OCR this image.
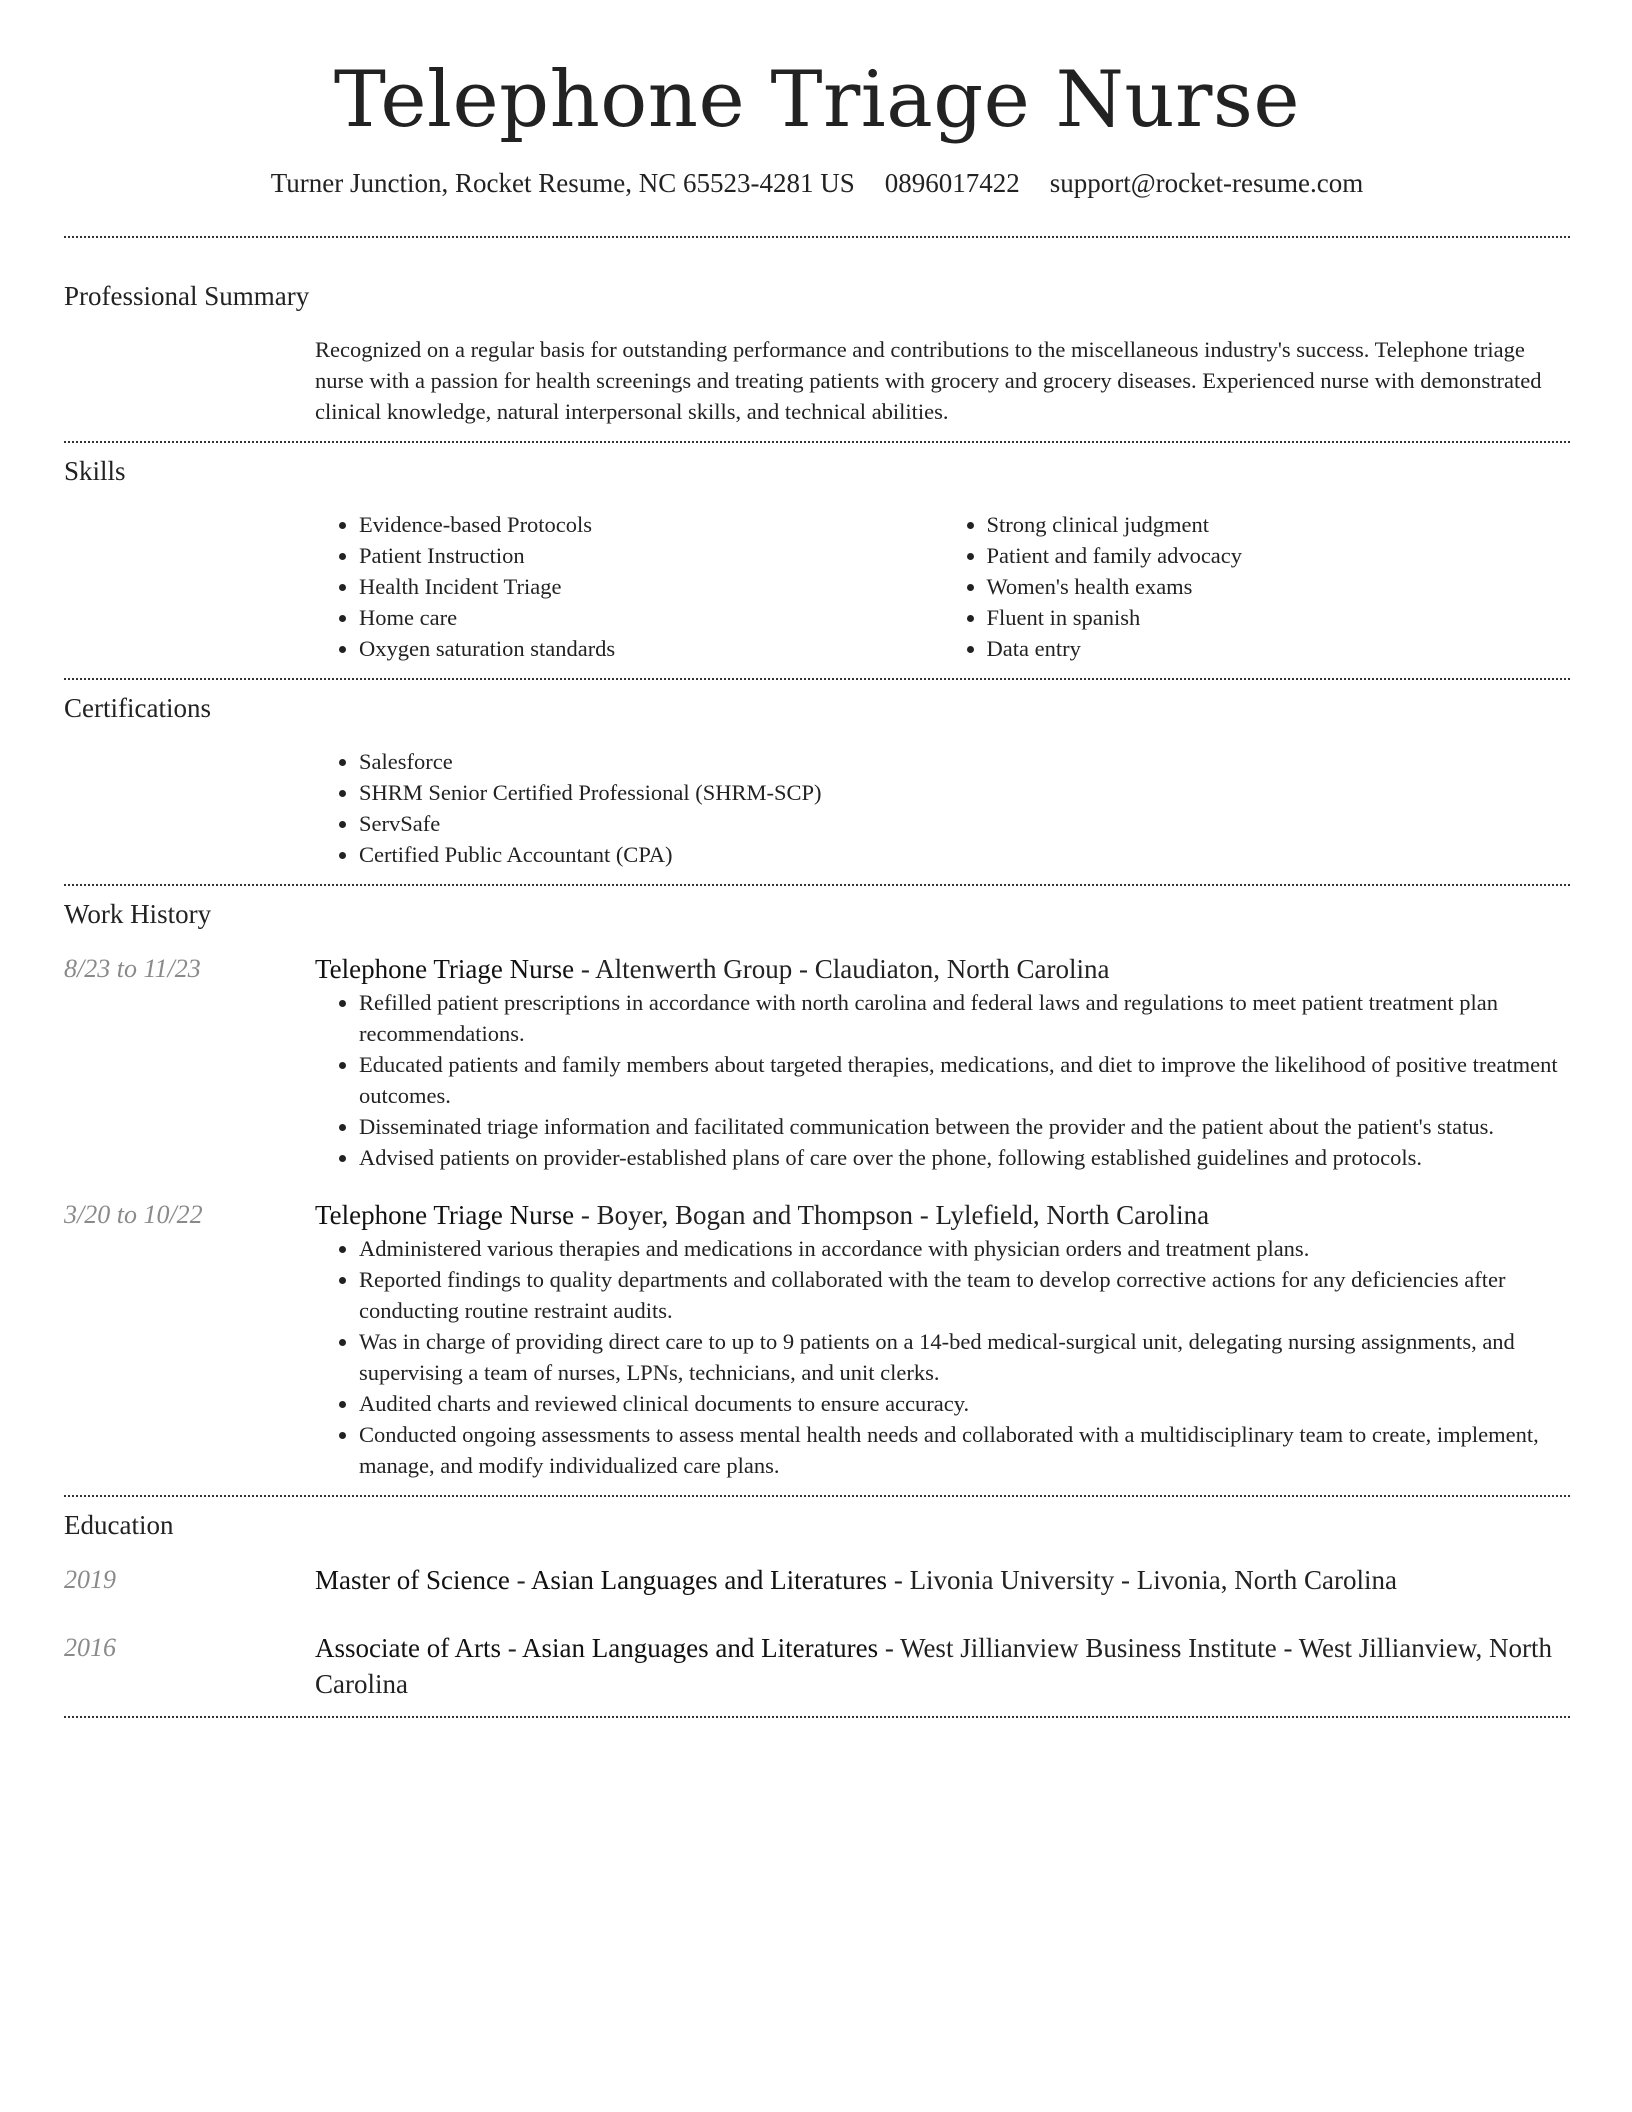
Telephone Triage Nurse
Turner Junction, Rocket Resume, NC 65523-4281 US 0896017422 support@rocket-resume.com
Professional Summary
Recognized on a regular basis for outstanding performance and contributions to the miscellaneous industry's success. Telephone triage nurse with a passion for health screenings and treating patients with grocery and grocery diseases. Experienced nurse with demonstrated clinical knowledge, natural interpersonal skills, and technical abilities.
Skills
• Evidence-based Protocols
• Patient Instruction
• Health Incident Triage
• Home care
• Oxygen saturation standards
• Strong clinical judgment
• Patient and family advocacy
• Women's health exams
• Fluent in spanish
• Data entry
Certifications
• Salesforce
• SHRM Senior Certified Professional (SHRM-SCP)
• ServSafe
• Certified Public Accountant (CPA)
Work History
8/23 to 11/23	Telephone Triage Nurse - Altenwerth Group - Claudiaton, North Carolina
• Refilled patient prescriptions in accordance with north carolina and federal laws and regulations to meet patient treatment plan recommendations.
• Educated patients and family members about targeted therapies, medications, and diet to improve the likelihood of positive treatment outcomes.
• Disseminated triage information and facilitated communication between the provider and the patient about the patient's status.
• Advised patients on provider-established plans of care over the phone, following established guidelines and protocols.
3/20 to 10/22	Telephone Triage Nurse - Boyer, Bogan and Thompson - Lylefield, North Carolina
• Administered various therapies and medications in accordance with physician orders and treatment plans.
• Reported findings to quality departments and collaborated with the team to develop corrective actions for any deficiencies after conducting routine restraint audits.
• Was in charge of providing direct care to up to 9 patients on a 14-bed medical-surgical unit, delegating nursing assignments, and supervising a team of nurses, LPNs, technicians, and unit clerks.
• Audited charts and reviewed clinical documents to ensure accuracy.
• Conducted ongoing assessments to assess mental health needs and collaborated with a multidisciplinary team to create, implement, manage, and modify individualized care plans.
Education
2019	Master of Science - Asian Languages and Literatures - Livonia University - Livonia, North Carolina
2016	Associate of Arts - Asian Languages and Literatures - West Jillianview Business Institute - West Jillianview, North Carolina
